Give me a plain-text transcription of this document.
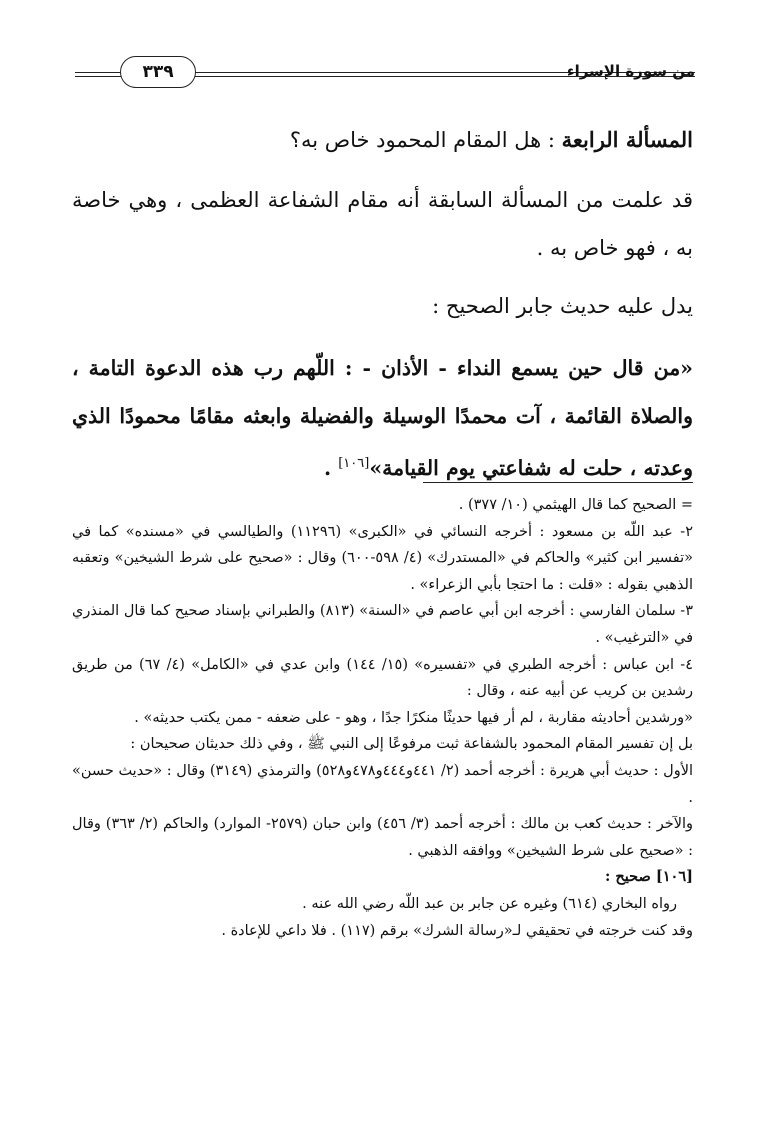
من سورة الإسراء
٣٣٩

المسألة الرابعة : هل المقام المحمود خاص به؟

قد علمت من المسألة السابقة أنه مقام الشفاعة العظمى ، وهي خاصة به ، فهو خاص به .

يدل عليه حديث جابر الصحيح :

«من قال حين يسمع النداء - الأذان - : اللّهم رب هذه الدعوة التامة ، والصلاة القائمة ، آت محمدًا الوسيلة والفضيلة وابعثه مقامًا محمودًا الذي وعدته ، حلت له شفاعتي يوم القيامة»[١٠٦] .

= الصحيح كما قال الهيثمي (١٠/ ٣٧٧) .

٢- عبد اللّه بن مسعود : أخرجه النسائي في «الكبرى» (١١٢٩٦) والطيالسي في «مسنده» كما في «تفسير ابن كثير» والحاكم في «المستدرك» (٤/ ٥٩٨-٦٠٠) وقال : «صحيح على شرط الشيخين» وتعقبه الذهبي بقوله : «قلت : ما احتجا بأبي الزعراء» .

٣- سلمان الفارسي : أخرجه ابن أبي عاصم في «السنة» (٨١٣) والطبراني بإسناد صحيح كما قال المنذري في «الترغيب» .

٤- ابن عباس : أخرجه الطبري في «تفسيره» (١٥/ ١٤٤) وابن عدي في «الكامل» (٤/ ٦٧) من طريق رشدين بن كريب عن أبيه عنه ، وقال :

«ورشدين أحاديثه مقاربة ، لم أر فيها حديثًا منكرًا جدًا ، وهو - على ضعفه - ممن يكتب حديثه» .

بل إن تفسير المقام المحمود بالشفاعة ثبت مرفوعًا إلى النبي ﷺ ، وفي ذلك حديثان صحيحان :

الأول : حديث أبي هريرة : أخرجه أحمد (٢/ ٤٤١و٤٤٤و٤٧٨و٥٢٨) والترمذي (٣١٤٩) وقال : «حديث حسن» .

والآخر : حديث كعب بن مالك : أخرجه أحمد (٣/ ٤٥٦) وابن حبان (٢٥٧٩- الموارد) والحاكم (٢/ ٣٦٣) وقال : «صحيح على شرط الشيخين» ووافقه الذهبي .

[١٠٦] صحيح :

رواه البخاري (٦١٤) وغيره عن جابر بن عبد اللّه رضي الله عنه .

وقد كنت خرجته في تحقيقي لـ«رسالة الشرك» برقم (١١٧) . فلا داعي للإعادة .
